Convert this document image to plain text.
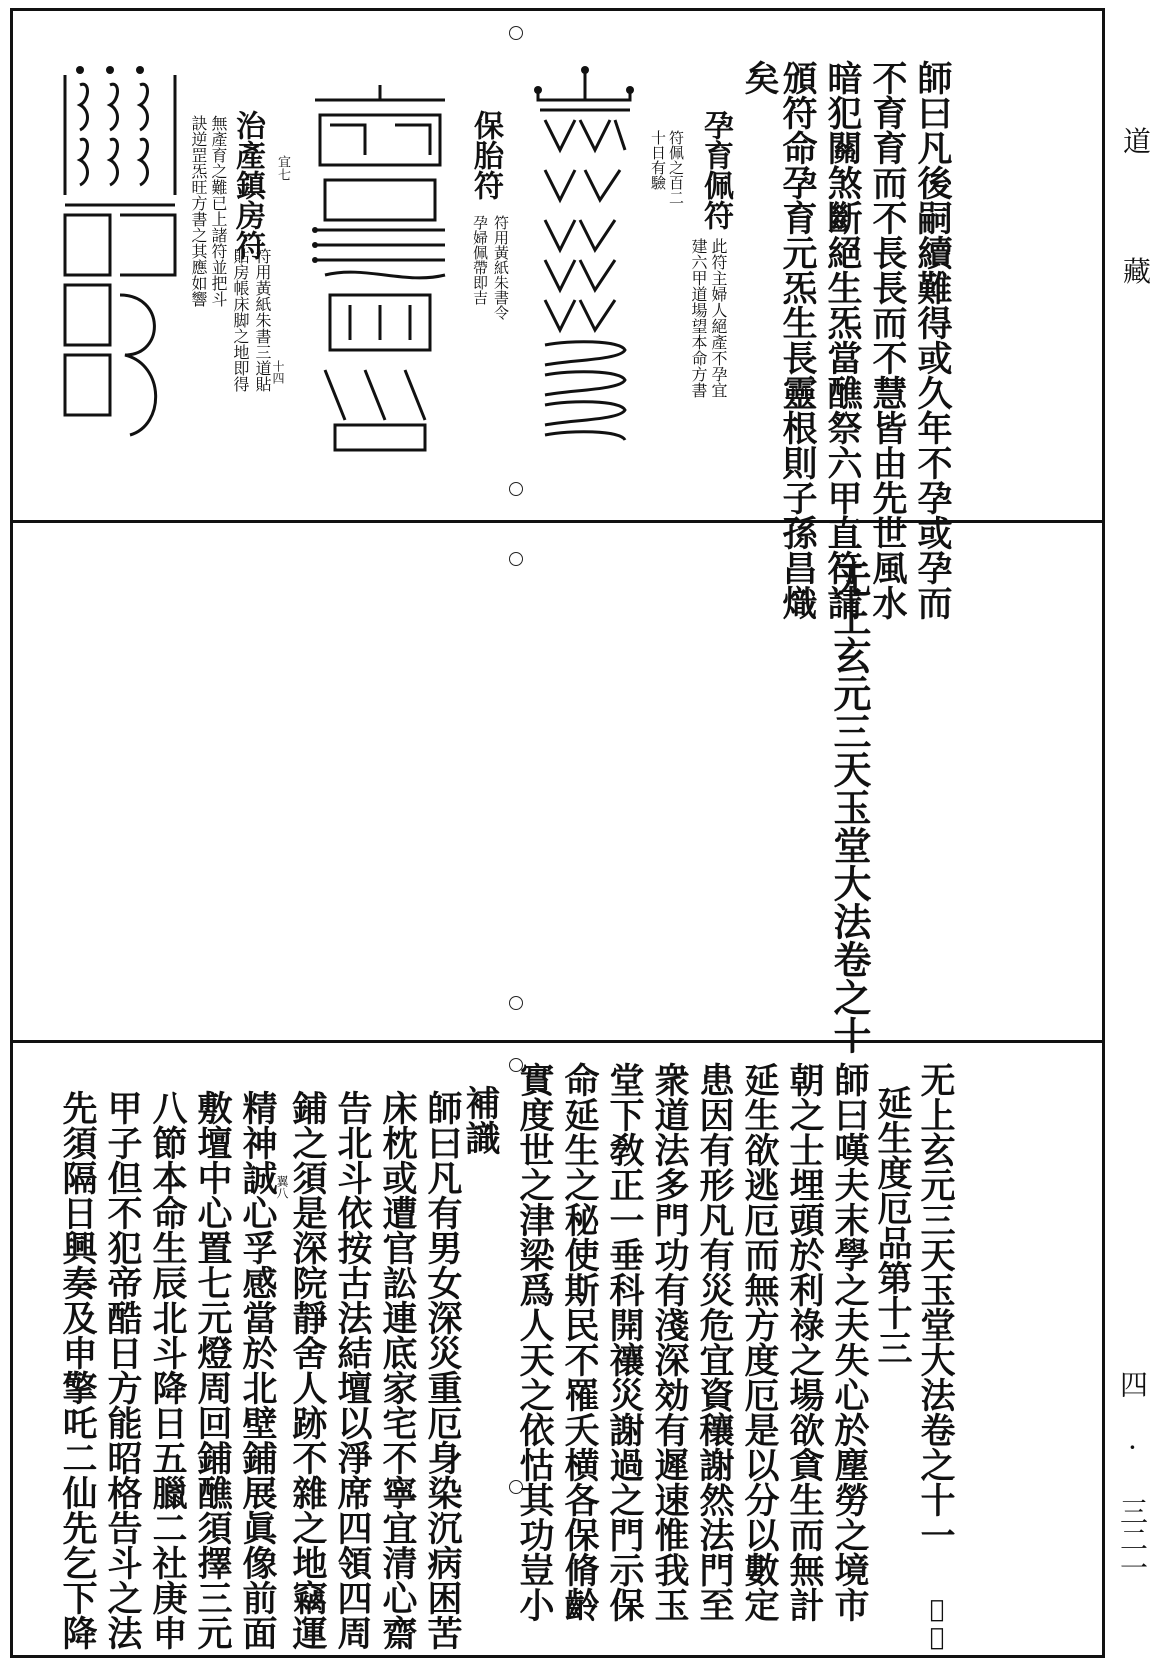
道
藏
四 · 三二一
師曰凡後嗣續難得或久年不孕或孕而
不育育而不長長而不慧皆由先世風水
暗犯關煞斷絕生炁當醮祭六甲直符請
頒符命孕育元炁生長靈根則子孫昌熾
矣
孕育佩符
此符主婦人絕產不孕宜
建六甲道場望本命方書
符佩之百二
十日有驗
保胎符
符用黃紙朱書令
孕婦佩帶即吉
宜七
治產鎮房符
符用黃紙朱書三道貼
貼房帳床脚之地即得
無產育之難已上諸符並把斗
訣逆罡炁旺方書之其應如響
十四
无上玄元三天玉堂大法卷之十
无上玄元三天玉堂大法卷之十一
𥝠八
延生度厄品第十三
師曰嘆夫末學之夫失心於塵勞之境市
朝之士埋頭於利祿之場欲貪生而無計
延生欲逃厄而無方度厄是以分以數定
患因有形凡有災危宜資穰謝然法門至
衆道法多門功有淺深効有遲速惟我玉
堂下敎正一垂科開禳災謝過之門示保
命延生之秘使斯民不罹夭横各保脩齡
實度世之津梁爲人天之依怙其功豈小
補識
師曰凡有男女深災重厄身染沉病困苦
床枕或遭官訟連底家宅不寧宜清心齋
告北斗依按古法結壇以淨席四領四周
鋪之須是深院靜舍人跡不雜之地竊運
翼八
精神誠心孚感當於北壁鋪展眞像前面
敷壇中心置七元燈周回鋪醮須擇三元
八節本命生辰北斗降日五臘二社庚申
甲子但不犯帝酷日方能昭格告斗之法
先須隔日興奏及申擎吒二仙先乞下降
